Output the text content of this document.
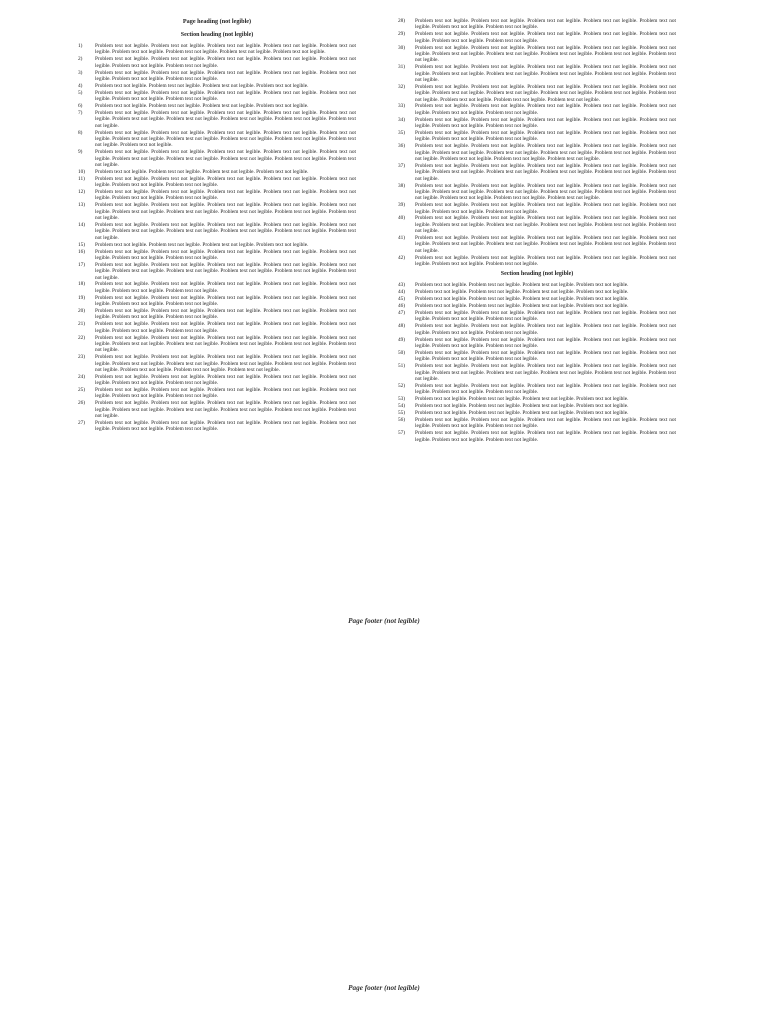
Page heading (not legible)
Section heading (not legible)
1)	Problem text not legible. Problem text not legible. Problem text not legible. Problem text not legible. Problem text not legible. Problem text not legible. Problem text not legible. Problem text not legible. Problem text not legible.
2)	Problem text not legible. Problem text not legible. Problem text not legible. Problem text not legible. Problem text not legible. Problem text not legible. Problem text not legible.
3)	Problem text not legible. Problem text not legible. Problem text not legible. Problem text not legible. Problem text not legible. Problem text not legible. Problem text not legible.
4)	Problem text not legible. Problem text not legible. Problem text not legible. Problem text not legible.
5)	Problem text not legible. Problem text not legible. Problem text not legible. Problem text not legible. Problem text not legible. Problem text not legible. Problem text not legible.
6)	Problem text not legible. Problem text not legible. Problem text not legible. Problem text not legible.
7)	Problem text not legible. Problem text not legible. Problem text not legible. Problem text not legible. Problem text not legible. Problem text not legible. Problem text not legible. Problem text not legible. Problem text not legible. Problem text not legible.
8)	Problem text not legible. Problem text not legible. Problem text not legible. Problem text not legible. Problem text not legible. Problem text not legible. Problem text not legible. Problem text not legible. Problem text not legible. Problem text not legible. Problem text not legible.
9)	Problem text not legible. Problem text not legible. Problem text not legible. Problem text not legible. Problem text not legible. Problem text not legible. Problem text not legible. Problem text not legible. Problem text not legible. Problem text not legible.
10)	Problem text not legible. Problem text not legible. Problem text not legible. Problem text not legible.
11)	Problem text not legible. Problem text not legible. Problem text not legible. Problem text not legible. Problem text not legible. Problem text not legible. Problem text not legible.
12)	Problem text not legible. Problem text not legible. Problem text not legible. Problem text not legible. Problem text not legible. Problem text not legible. Problem text not legible.
13)	Problem text not legible. Problem text not legible. Problem text not legible. Problem text not legible. Problem text not legible. Problem text not legible. Problem text not legible. Problem text not legible. Problem text not legible. Problem text not legible.
14)	Problem text not legible. Problem text not legible. Problem text not legible. Problem text not legible. Problem text not legible. Problem text not legible. Problem text not legible. Problem text not legible. Problem text not legible. Problem text not legible.
15)	Problem text not legible. Problem text not legible. Problem text not legible. Problem text not legible.
16)	Problem text not legible. Problem text not legible. Problem text not legible. Problem text not legible. Problem text not legible. Problem text not legible. Problem text not legible.
17)	Problem text not legible. Problem text not legible. Problem text not legible. Problem text not legible. Problem text not legible. Problem text not legible. Problem text not legible. Problem text not legible. Problem text not legible. Problem text not legible.
18)	Problem text not legible. Problem text not legible. Problem text not legible. Problem text not legible. Problem text not legible. Problem text not legible. Problem text not legible.
19)	Problem text not legible. Problem text not legible. Problem text not legible. Problem text not legible. Problem text not legible. Problem text not legible. Problem text not legible.
20)	Problem text not legible. Problem text not legible. Problem text not legible. Problem text not legible. Problem text not legible. Problem text not legible. Problem text not legible.
21)	Problem text not legible. Problem text not legible. Problem text not legible. Problem text not legible. Problem text not legible. Problem text not legible. Problem text not legible.
22)	Problem text not legible. Problem text not legible. Problem text not legible. Problem text not legible. Problem text not legible. Problem text not legible. Problem text not legible. Problem text not legible. Problem text not legible. Problem text not legible.
23)	Problem text not legible. Problem text not legible. Problem text not legible. Problem text not legible. Problem text not legible. Problem text not legible. Problem text not legible. Problem text not legible. Problem text not legible. Problem text not legible. Problem text not legible. Problem text not legible. Problem text not legible.
24)	Problem text not legible. Problem text not legible. Problem text not legible. Problem text not legible. Problem text not legible. Problem text not legible. Problem text not legible.
25)	Problem text not legible. Problem text not legible. Problem text not legible. Problem text not legible. Problem text not legible. Problem text not legible. Problem text not legible.
26)	Problem text not legible. Problem text not legible. Problem text not legible. Problem text not legible. Problem text not legible. Problem text not legible. Problem text not legible. Problem text not legible. Problem text not legible. Problem text not legible.
27)	Problem text not legible. Problem text not legible. Problem text not legible. Problem text not legible. Problem text not legible. Problem text not legible. Problem text not legible.
28)	Problem text not legible. Problem text not legible. Problem text not legible. Problem text not legible. Problem text not legible. Problem text not legible. Problem text not legible.
29)	Problem text not legible. Problem text not legible. Problem text not legible. Problem text not legible. Problem text not legible. Problem text not legible. Problem text not legible.
30)	Problem text not legible. Problem text not legible. Problem text not legible. Problem text not legible. Problem text not legible. Problem text not legible. Problem text not legible. Problem text not legible. Problem text not legible. Problem text not legible.
31)	Problem text not legible. Problem text not legible. Problem text not legible. Problem text not legible. Problem text not legible. Problem text not legible. Problem text not legible. Problem text not legible. Problem text not legible. Problem text not legible.
32)	Problem text not legible. Problem text not legible. Problem text not legible. Problem text not legible. Problem text not legible. Problem text not legible. Problem text not legible. Problem text not legible. Problem text not legible. Problem text not legible. Problem text not legible. Problem text not legible. Problem text not legible.
33)	Problem text not legible. Problem text not legible. Problem text not legible. Problem text not legible. Problem text not legible. Problem text not legible. Problem text not legible.
34)	Problem text not legible. Problem text not legible. Problem text not legible. Problem text not legible. Problem text not legible. Problem text not legible. Problem text not legible.
35)	Problem text not legible. Problem text not legible. Problem text not legible. Problem text not legible. Problem text not legible. Problem text not legible. Problem text not legible.
36)	Problem text not legible. Problem text not legible. Problem text not legible. Problem text not legible. Problem text not legible. Problem text not legible. Problem text not legible. Problem text not legible. Problem text not legible. Problem text not legible. Problem text not legible. Problem text not legible. Problem text not legible.
37)	Problem text not legible. Problem text not legible. Problem text not legible. Problem text not legible. Problem text not legible. Problem text not legible. Problem text not legible. Problem text not legible. Problem text not legible. Problem text not legible.
38)	Problem text not legible. Problem text not legible. Problem text not legible. Problem text not legible. Problem text not legible. Problem text not legible. Problem text not legible. Problem text not legible. Problem text not legible. Problem text not legible. Problem text not legible. Problem text not legible. Problem text not legible.
39)	Problem text not legible. Problem text not legible. Problem text not legible. Problem text not legible. Problem text not legible. Problem text not legible. Problem text not legible.
40)	Problem text not legible. Problem text not legible. Problem text not legible. Problem text not legible. Problem text not legible. Problem text not legible. Problem text not legible. Problem text not legible. Problem text not legible. Problem text not legible.
41)	Problem text not legible. Problem text not legible. Problem text not legible. Problem text not legible. Problem text not legible. Problem text not legible. Problem text not legible. Problem text not legible. Problem text not legible. Problem text not legible.
42)	Problem text not legible. Problem text not legible. Problem text not legible. Problem text not legible. Problem text not legible. Problem text not legible. Problem text not legible.
Section heading (not legible)
43)	Problem text not legible. Problem text not legible. Problem text not legible. Problem text not legible.
44)	Problem text not legible. Problem text not legible. Problem text not legible. Problem text not legible.
45)	Problem text not legible. Problem text not legible. Problem text not legible. Problem text not legible.
46)	Problem text not legible. Problem text not legible. Problem text not legible. Problem text not legible.
47)	Problem text not legible. Problem text not legible. Problem text not legible. Problem text not legible. Problem text not legible. Problem text not legible. Problem text not legible.
48)	Problem text not legible. Problem text not legible. Problem text not legible. Problem text not legible. Problem text not legible. Problem text not legible. Problem text not legible.
49)	Problem text not legible. Problem text not legible. Problem text not legible. Problem text not legible. Problem text not legible. Problem text not legible. Problem text not legible.
50)	Problem text not legible. Problem text not legible. Problem text not legible. Problem text not legible. Problem text not legible. Problem text not legible. Problem text not legible.
51)	Problem text not legible. Problem text not legible. Problem text not legible. Problem text not legible. Problem text not legible. Problem text not legible. Problem text not legible. Problem text not legible. Problem text not legible. Problem text not legible.
52)	Problem text not legible. Problem text not legible. Problem text not legible. Problem text not legible. Problem text not legible. Problem text not legible. Problem text not legible.
53)	Problem text not legible. Problem text not legible. Problem text not legible. Problem text not legible.
54)	Problem text not legible. Problem text not legible. Problem text not legible. Problem text not legible.
55)	Problem text not legible. Problem text not legible. Problem text not legible. Problem text not legible.
56)	Problem text not legible. Problem text not legible. Problem text not legible. Problem text not legible. Problem text not legible. Problem text not legible. Problem text not legible.
57)	Problem text not legible. Problem text not legible. Problem text not legible. Problem text not legible. Problem text not legible. Problem text not legible. Problem text not legible.
Page footer (not legible)
Page footer (not legible)
